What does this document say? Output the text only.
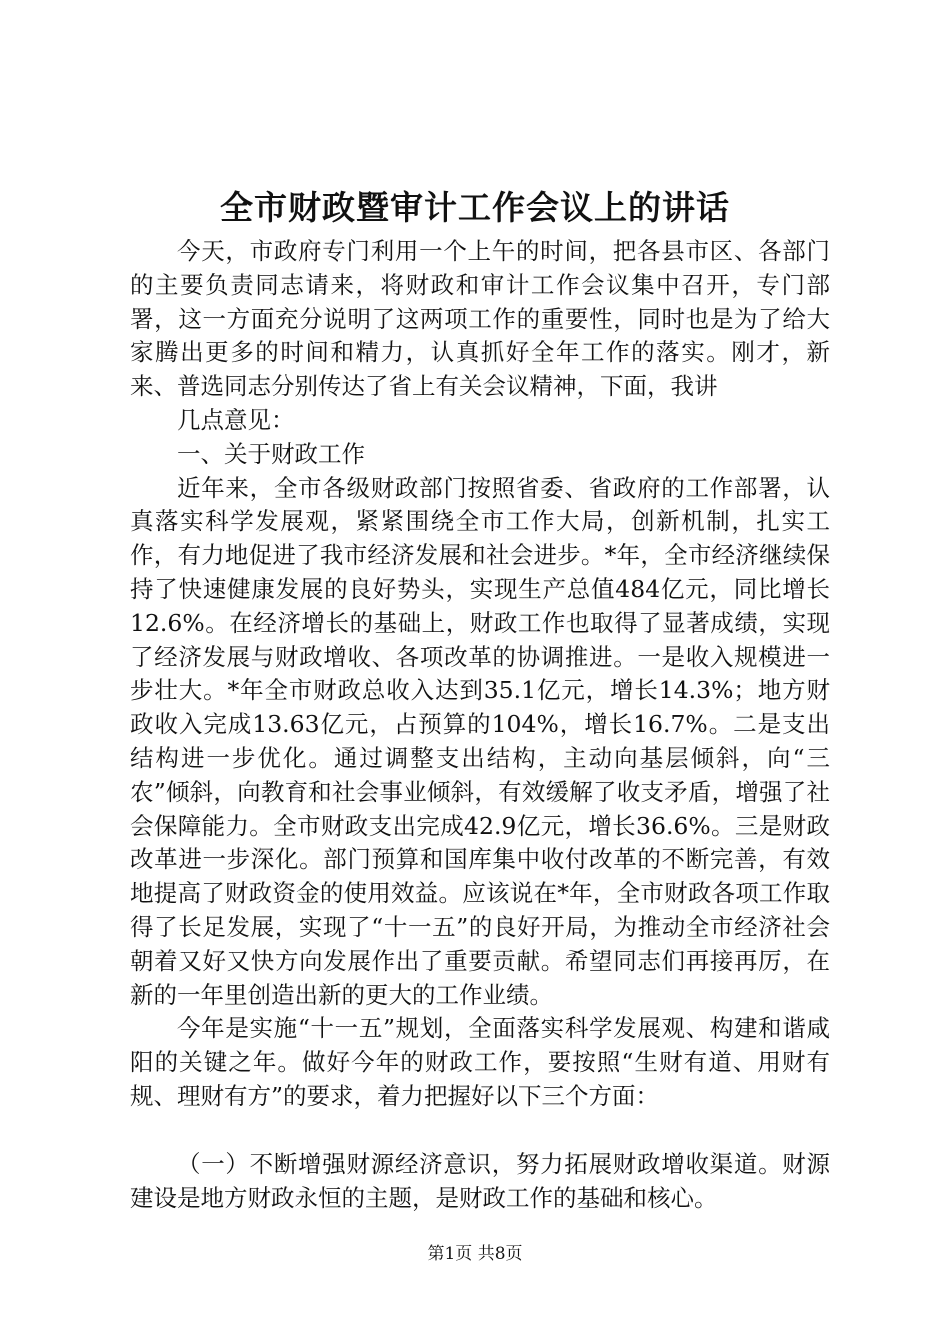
全市财政暨审计工作会议上的讲话

今天，市政府专门利用一个上午的时间，把各县市区、各部门的主要负责同志请来，将财政和审计工作会议集中召开，专门部署，这一方面充分说明了这两项工作的重要性，同时也是为了给大家腾出更多的时间和精力，认真抓好全年工作的落实。刚才，新来、普选同志分别传达了省上有关会议精神，下面，我讲

几点意见：

一、关于财政工作

近年来，全市各级财政部门按照省委、省政府的工作部署，认真落实科学发展观，紧紧围绕全市工作大局，创新机制，扎实工作，有力地促进了我市经济发展和社会进步。*年，全市经济继续保持了快速健康发展的良好势头，实现生产总值484亿元，同比增长12.6%。在经济增长的基础上，财政工作也取得了显著成绩，实现了经济发展与财政增收、各项改革的协调推进。一是收入规模进一步壮大。*年全市财政总收入达到35.1亿元，增长14.3%；地方财政收入完成13.63亿元，占预算的104%，增长16.7%。二是支出结构进一步优化。通过调整支出结构，主动向基层倾斜，向“三农”倾斜，向教育和社会事业倾斜，有效缓解了收支矛盾，增强了社会保障能力。全市财政支出完成42.9亿元，增长36.6%。三是财政改革进一步深化。部门预算和国库集中收付改革的不断完善，有效地提高了财政资金的使用效益。应该说在*年，全市财政各项工作取得了长足发展，实现了“十一五”的良好开局，为推动全市经济社会朝着又好又快方向发展作出了重要贡献。希望同志们再接再厉，在新的一年里创造出新的更大的工作业绩。

今年是实施“十一五”规划，全面落实科学发展观、构建和谐咸阳的关键之年。做好今年的财政工作，要按照“生财有道、用财有规、理财有方”的要求，着力把握好以下三个方面：

（一）不断增强财源经济意识，努力拓展财政增收渠道。财源建设是地方财政永恒的主题，是财政工作的基础和核心。

第1页 共8页
